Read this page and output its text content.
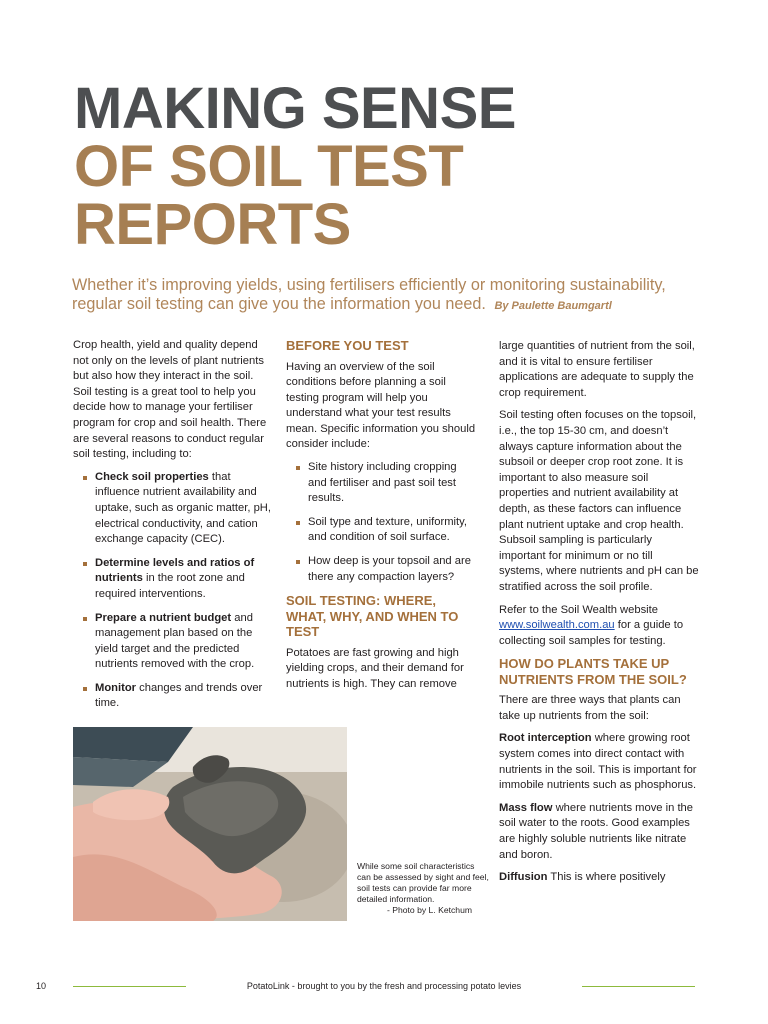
MAKING SENSE
OF SOIL TEST
REPORTS

Whether it’s improving yields, using fertilisers efficiently or monitoring sustainability, regular soil testing can give you the information you need. By Paulette Baumgartl

Crop health, yield and quality depend not only on the levels of plant nutrients but also how they interact in the soil. Soil testing is a great tool to help you decide how to manage your fertiliser program for crop and soil health. There are several reasons to conduct regular soil testing, including to:

Check soil properties that influence nutrient availability and uptake, such as organic matter, pH, electrical conductivity, and cation exchange capacity (CEC).
Determine levels and ratios of nutrients in the root zone and required interventions.
Prepare a nutrient budget and management plan based on the yield target and the predicted nutrients removed with the crop.
Monitor changes and trends over time.
BEFORE YOU TEST

Having an overview of the soil conditions before planning a soil testing program will help you understand what your test results mean. Specific information you should consider include:

Site history including cropping and fertiliser and past soil test results.
Soil type and texture, uniformity, and condition of soil surface.
How deep is your topsoil and are there any compaction layers?
SOIL TESTING: WHERE, WHAT, WHY, AND WHEN TO TEST

Potatoes are fast growing and high yielding crops, and their demand for nutrients is high. They can remove

large quantities of nutrient from the soil, and it is vital to ensure fertiliser applications are adequate to supply the crop requirement.

Soil testing often focuses on the topsoil, i.e., the top 15-30 cm, and doesn’t always capture information about the subsoil or deeper crop root zone. It is important to also measure soil properties and nutrient availability at depth, as these factors can influence plant nutrient uptake and crop health. Subsoil sampling is particularly important for minimum or no till systems, where nutrients and pH can be stratified across the soil profile.

Refer to the Soil Wealth website www.soilwealth.com.au for a guide to collecting soil samples for testing.

HOW DO PLANTS TAKE UP NUTRIENTS FROM THE SOIL?

There are three ways that plants can take up nutrients from the soil:

Root interception where growing root system comes into direct contact with nutrients in the soil. This is important for immobile nutrients such as phosphorus.

Mass flow where nutrients move in the soil water to the roots. Good examples are highly soluble nutrients like nitrate and boron.

Diffusion This is where positively

While some soil characteristics can be assessed by sight and feel, soil tests can provide far more detailed information.
- Photo by L. Ketchum

10	PotatoLink - brought to you by the fresh and processing potato levies
